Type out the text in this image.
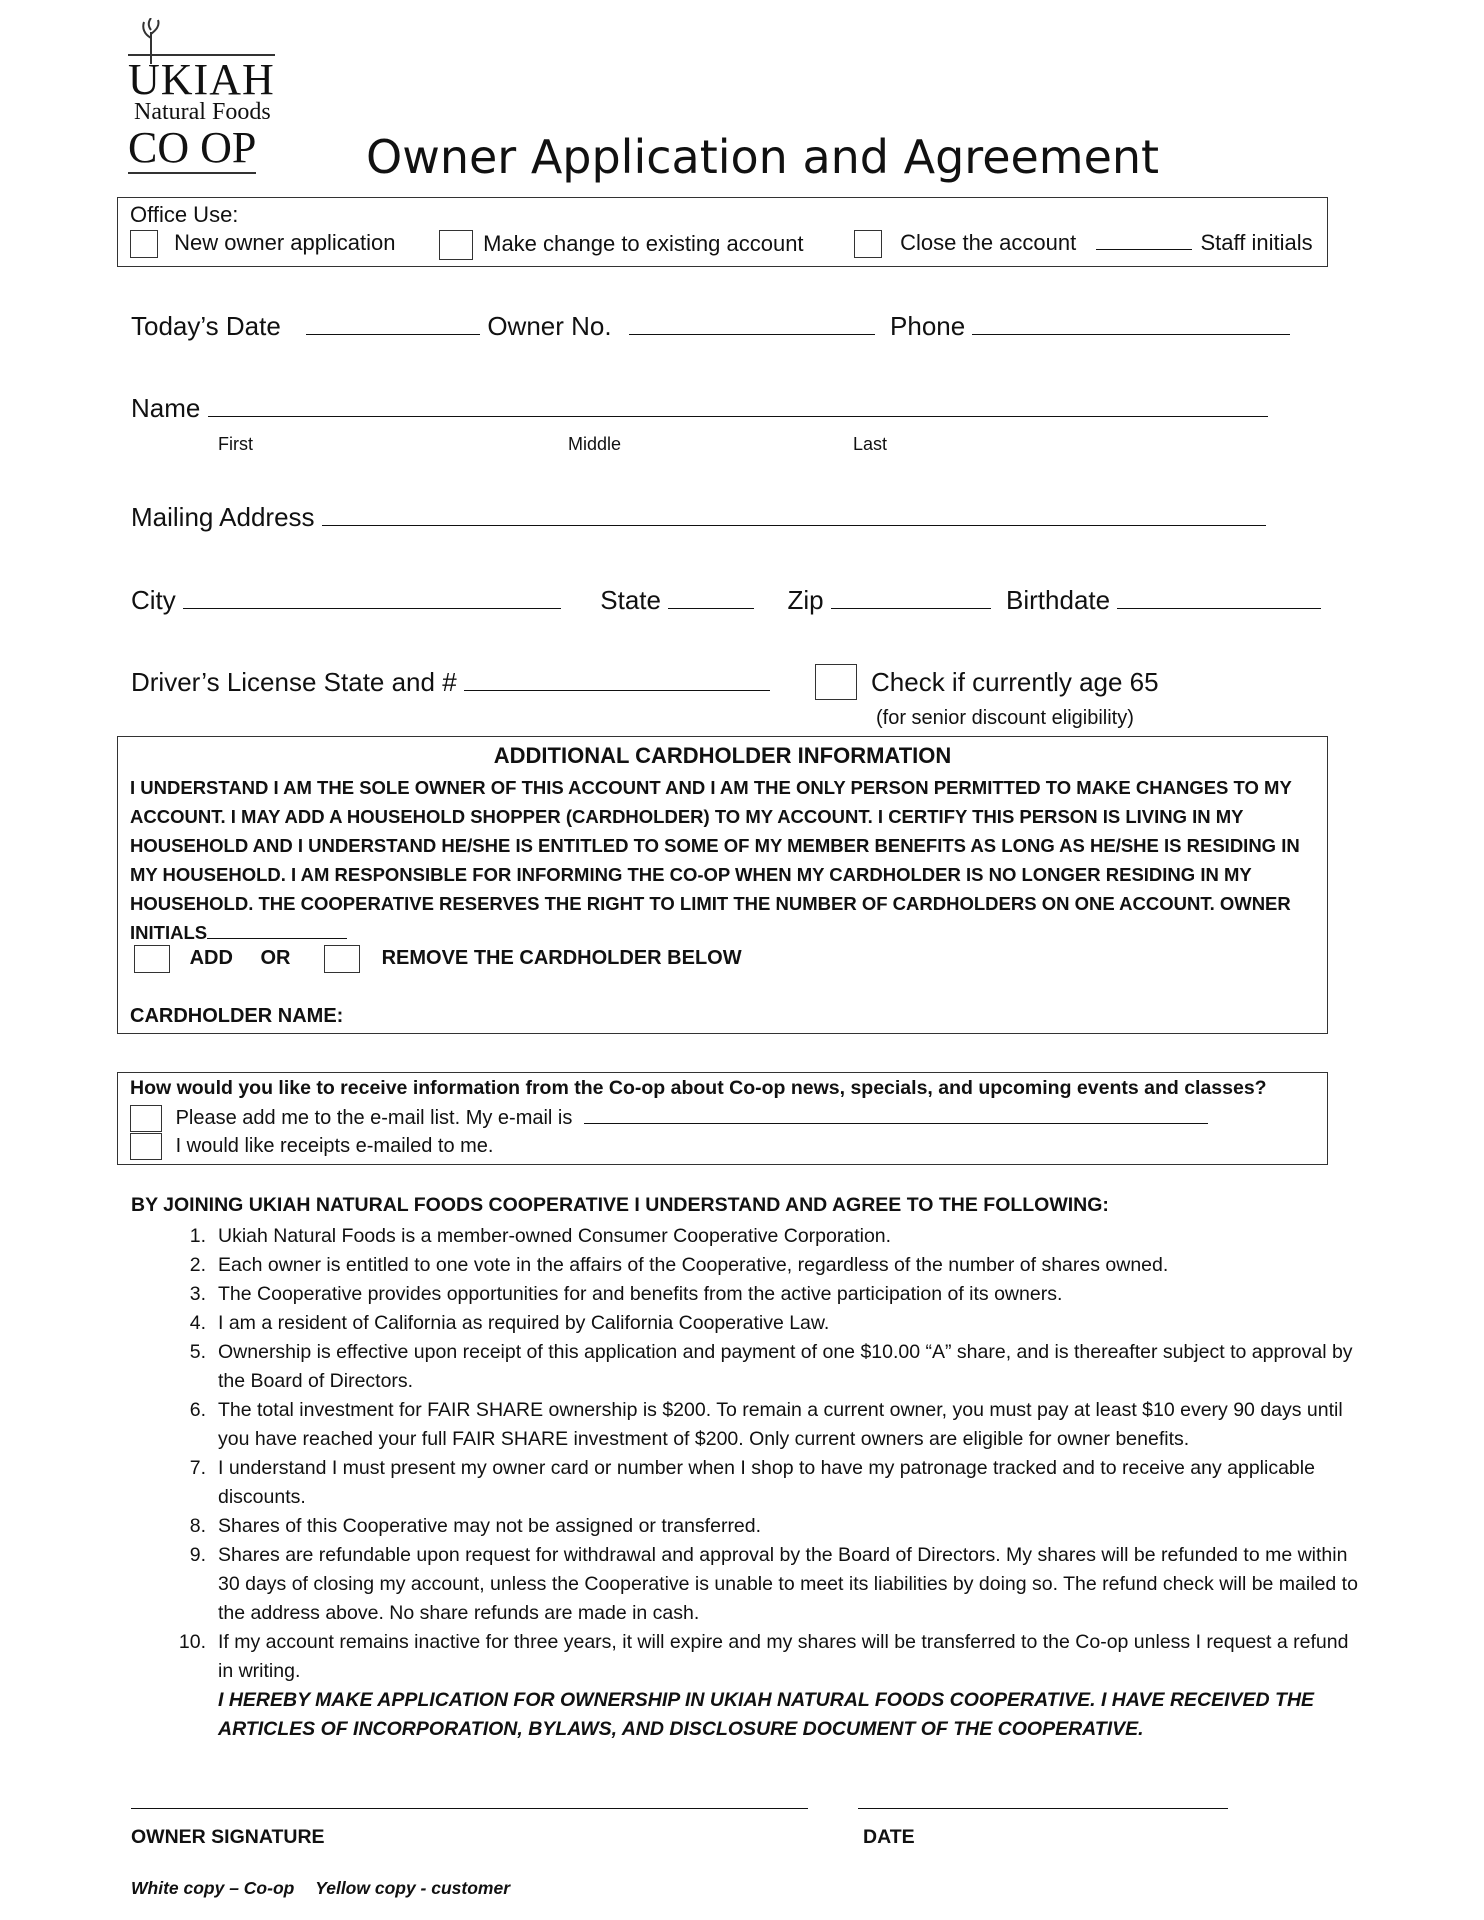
UKIAH
Natural Foods
CO OP Owner Application and Agreement
Office Use:
New owner application	Make change to existing account	Close the account	Staff initials
Today’s Date	Owner No.	Phone
Name
First	Middle	Last
Mailing Address
City	State	Zip	Birthdate
Driver’s License State and #	Check if currently age 65
(for senior discount eligibility)
ADDITIONAL CARDHOLDER INFORMATION
I UNDERSTAND I AM THE SOLE OWNER OF THIS ACCOUNT AND I AM THE ONLY PERSON PERMITTED TO MAKE CHANGES TO MY
ACCOUNT. I MAY ADD A HOUSEHOLD SHOPPER (CARDHOLDER) TO MY ACCOUNT. I CERTIFY THIS PERSON IS LIVING IN MY
HOUSEHOLD AND I UNDERSTAND HE/SHE IS ENTITLED TO SOME OF MY MEMBER BENEFITS AS LONG AS HE/SHE IS RESIDING IN
MY HOUSEHOLD. I AM RESPONSIBLE FOR INFORMING THE CO-OP WHEN MY CARDHOLDER IS NO LONGER RESIDING IN MY
HOUSEHOLD. THE COOPERATIVE RESERVES THE RIGHT TO LIMIT THE NUMBER OF CARDHOLDERS ON ONE ACCOUNT. OWNER
INITIALS
ADD OR	REMOVE THE CARDHOLDER BELOW
CARDHOLDER NAME:
How would you like to receive information from the Co-op about Co-op news, specials, and upcoming events and classes?
Please add me to the e-mail list. My e-mail is
I would like receipts e-mailed to me.
BY JOINING UKIAH NATURAL FOODS COOPERATIVE I UNDERSTAND AND AGREE TO THE FOLLOWING:
1. Ukiah Natural Foods is a member-owned Consumer Cooperative Corporation.
2. Each owner is entitled to one vote in the affairs of the Cooperative, regardless of the number of shares owned.
3. The Cooperative provides opportunities for and benefits from the active participation of its owners.
4. I am a resident of California as required by California Cooperative Law.
5. Ownership is effective upon receipt of this application and payment of one $10.00 “A” share, and is thereafter subject to approval by the Board of Directors.
6. The total investment for FAIR SHARE ownership is $200. To remain a current owner, you must pay at least $10 every 90 days until you have reached your full FAIR SHARE investment of $200. Only current owners are eligible for owner benefits.
7. I understand I must present my owner card or number when I shop to have my patronage tracked and to receive any applicable discounts.
8. Shares of this Cooperative may not be assigned or transferred.
9. Shares are refundable upon request for withdrawal and approval by the Board of Directors. My shares will be refunded to me within 30 days of closing my account, unless the Cooperative is unable to meet its liabilities by doing so. The refund check will be mailed to the address above. No share refunds are made in cash.
10. If my account remains inactive for three years, it will expire and my shares will be transferred to the Co-op unless I request a refund in writing.
I HEREBY MAKE APPLICATION FOR OWNERSHIP IN UKIAH NATURAL FOODS COOPERATIVE. I HAVE RECEIVED THE ARTICLES OF INCORPORATION, BYLAWS, AND DISCLOSURE DOCUMENT OF THE COOPERATIVE.
OWNER SIGNATURE	DATE
White copy – Co-op Yellow copy - customer
